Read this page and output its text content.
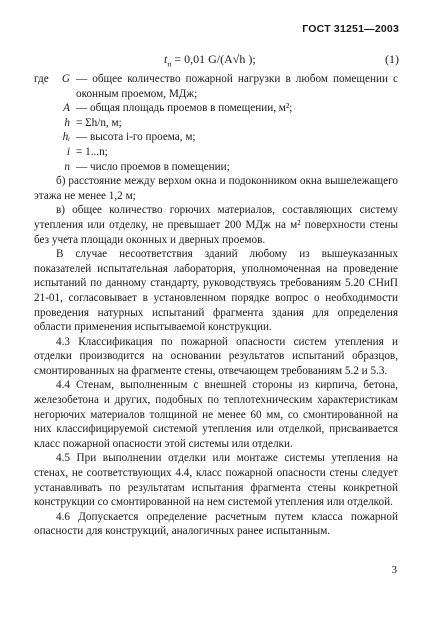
ГОСТ 31251—2003
$t_п = 0,01$ G/(A√h );	(1)
где	G — общее количество пожарной нагрузки в любом помещении с оконным проемом, МДж;
A — общая площадь проемов в помещении, м²;
h = Σh/n, м;
hᵢ — высота i-го проема, м;
i = 1...n;
n — число проемов в помещении;

б) расстояние между верхом окна и подоконником окна вышележащего этажа не менее 1,2 м;

в) общее количество горючих материалов, составляющих систему утепления или отделку, не превышает 200 МДж на м² поверхности стены без учета площади оконных и дверных проемов.

В случае несоответствия зданий любому из вышеуказанных показателей испытательная лаборатория, уполномоченная на проведение испытаний по данному стандарту, руководствуясь требованиям 5.20 СНиП 21-01, согласовывает в установленном порядке вопрос о необходимости проведения натурных испытаний фрагмента здания для определения области применения испытываемой конструкции.

4.3 Классификация по пожарной опасности систем утепления и отделки производится на основании результатов испытаний образцов, смонтированных на фрагменте стены, отвечающем требованиям 5.2 и 5.3.

4.4 Стенам, выполненным с внешней стороны из кирпича, бетона, железобетона и других, подобных по теплотехническим характеристикам негорючих материалов толщиной не менее 60 мм, со смонтированной на них классифицируемой системой утепления или отделкой, присваивается класс пожарной опасности этой системы или отделки.

4.5 При выполнении отделки или монтаже системы утепления на стенах, не соответствующих 4.4, класс пожарной опасности стены следует устанавливать по результатам испытания фрагмента стены конкретной конструкции со смонтированной на нем системой утепления или отделкой.

4.6 Допускается определение расчетным путем класса пожарной опасности для конструкций, аналогичных ранее испытанным.

3
